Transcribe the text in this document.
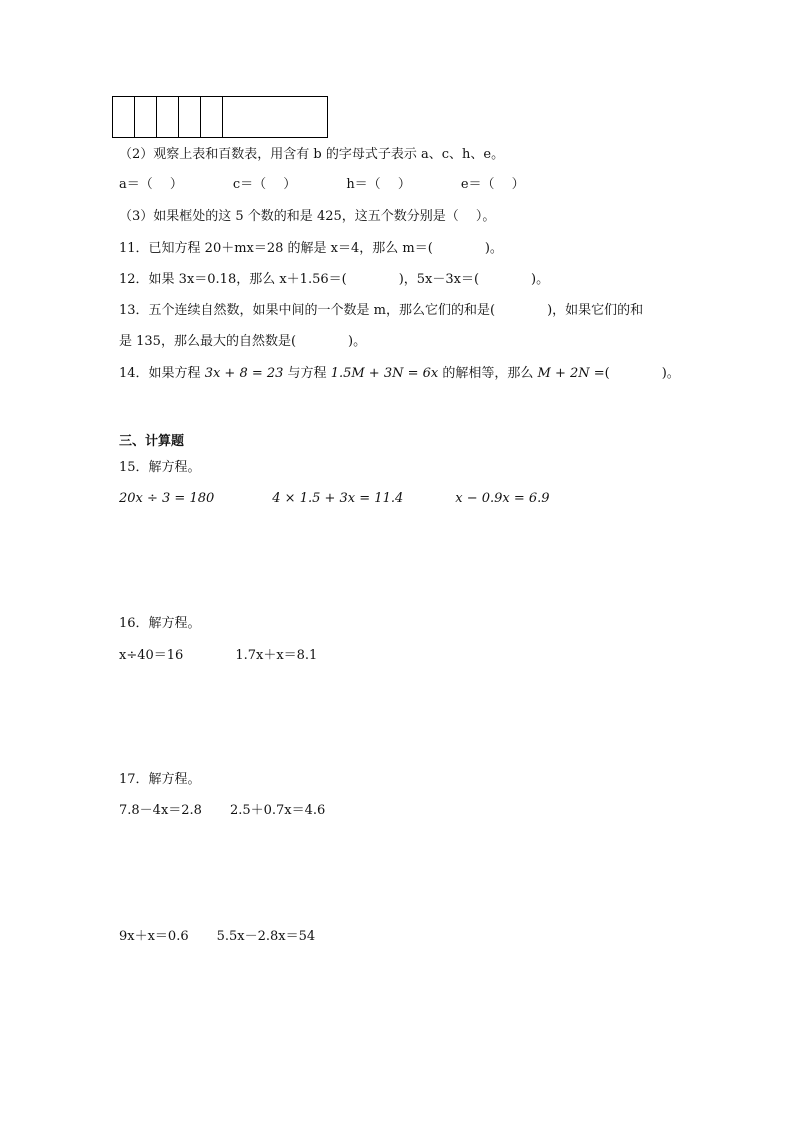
（2）观察上表和百数表，用含有 b 的字母式子表示 a、c、h、e。
a＝（　 ）	c＝（　 ）	h＝（　 ）	e＝（　 ）
（3）如果框处的这 5 个数的和是 425，这五个数分别是（　 ）。
11．已知方程 20＋mx＝28 的解是 x＝4，那么 m＝(　　　　)。
12．如果 3x＝0.18，那么 x＋1.56＝(　　　　)，5x－3x＝(　　　　)。
13．五个连续自然数，如果中间的一个数是 m，那么它们的和是(　　　　)，如果它们的和
是 135，那么最大的自然数是(　　　　)。
14．如果方程 3x + 8 = 23 与方程 1.5M + 3N = 6x 的解相等，那么 M + 2N =(　　　　)。
三、计算题
15．解方程。
20x ÷ 3 = 180	4 × 1.5 + 3x = 11.4	x − 0.9x = 6.9
16．解方程。
x÷40＝16	1.7x＋x＝8.1
17．解方程。
7.8－4x＝2.8 2.5＋0.7x＝4.6
9x＋x＝0.6 5.5x－2.8x＝54
